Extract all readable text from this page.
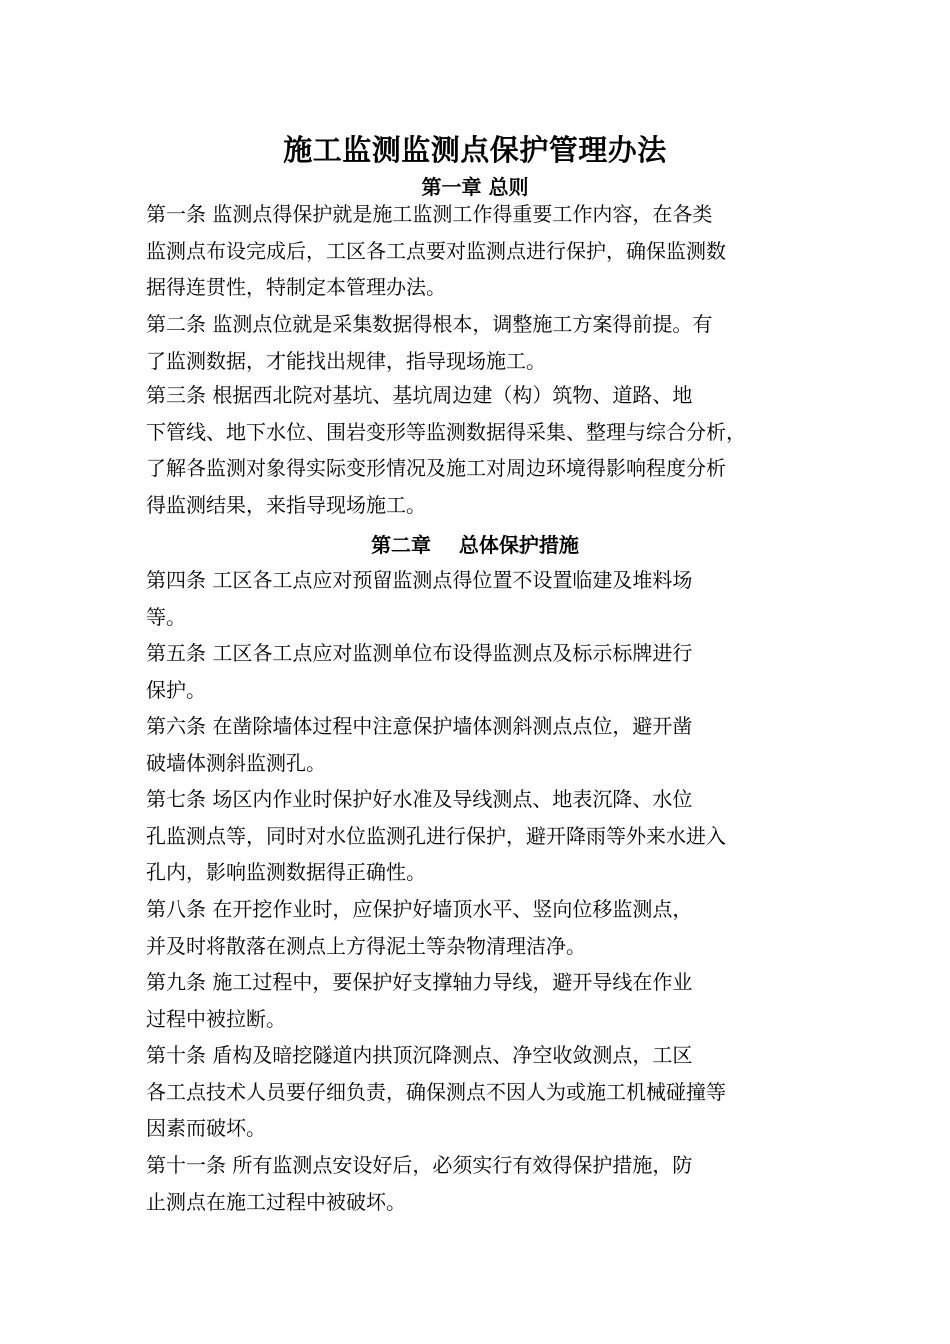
施工监测监测点保护管理办法
第一章 总则
第一条 监测点得保护就是施工监测工作得重要工作内容，在各类
监测点布设完成后，工区各工点要对监测点进行保护，确保监测数
据得连贯性，特制定本管理办法。
第二条 监测点位就是采集数据得根本，调整施工方案得前提。有
了监测数据，才能找出规律，指导现场施工。
第三条 根据西北院对基坑、基坑周边建（构）筑物、道路、地
下管线、地下水位、围岩变形等监测数据得采集、整理与综合分析，
了解各监测对象得实际变形情况及施工对周边环境得影响程度分析
得监测结果，来指导现场施工。
第二章    总体保护措施
第四条 工区各工点应对预留监测点得位置不设置临建及堆料场
等。
第五条 工区各工点应对监测单位布设得监测点及标示标牌进行
保护。
第六条 在凿除墙体过程中注意保护墙体测斜测点点位，避开凿
破墙体测斜监测孔。
第七条 场区内作业时保护好水准及导线测点、地表沉降、水位
孔监测点等，同时对水位监测孔进行保护，避开降雨等外来水进入
孔内，影响监测数据得正确性。
第八条 在开挖作业时，应保护好墙顶水平、竖向位移监测点，
并及时将散落在测点上方得泥土等杂物清理洁净。
第九条 施工过程中，要保护好支撑轴力导线，避开导线在作业
过程中被拉断。
第十条 盾构及暗挖隧道内拱顶沉降测点、净空收敛测点，工区
各工点技术人员要仔细负责，确保测点不因人为或施工机械碰撞等
因素而破坏。
第十一条 所有监测点安设好后，必须实行有效得保护措施，防
止测点在施工过程中被破坏。
